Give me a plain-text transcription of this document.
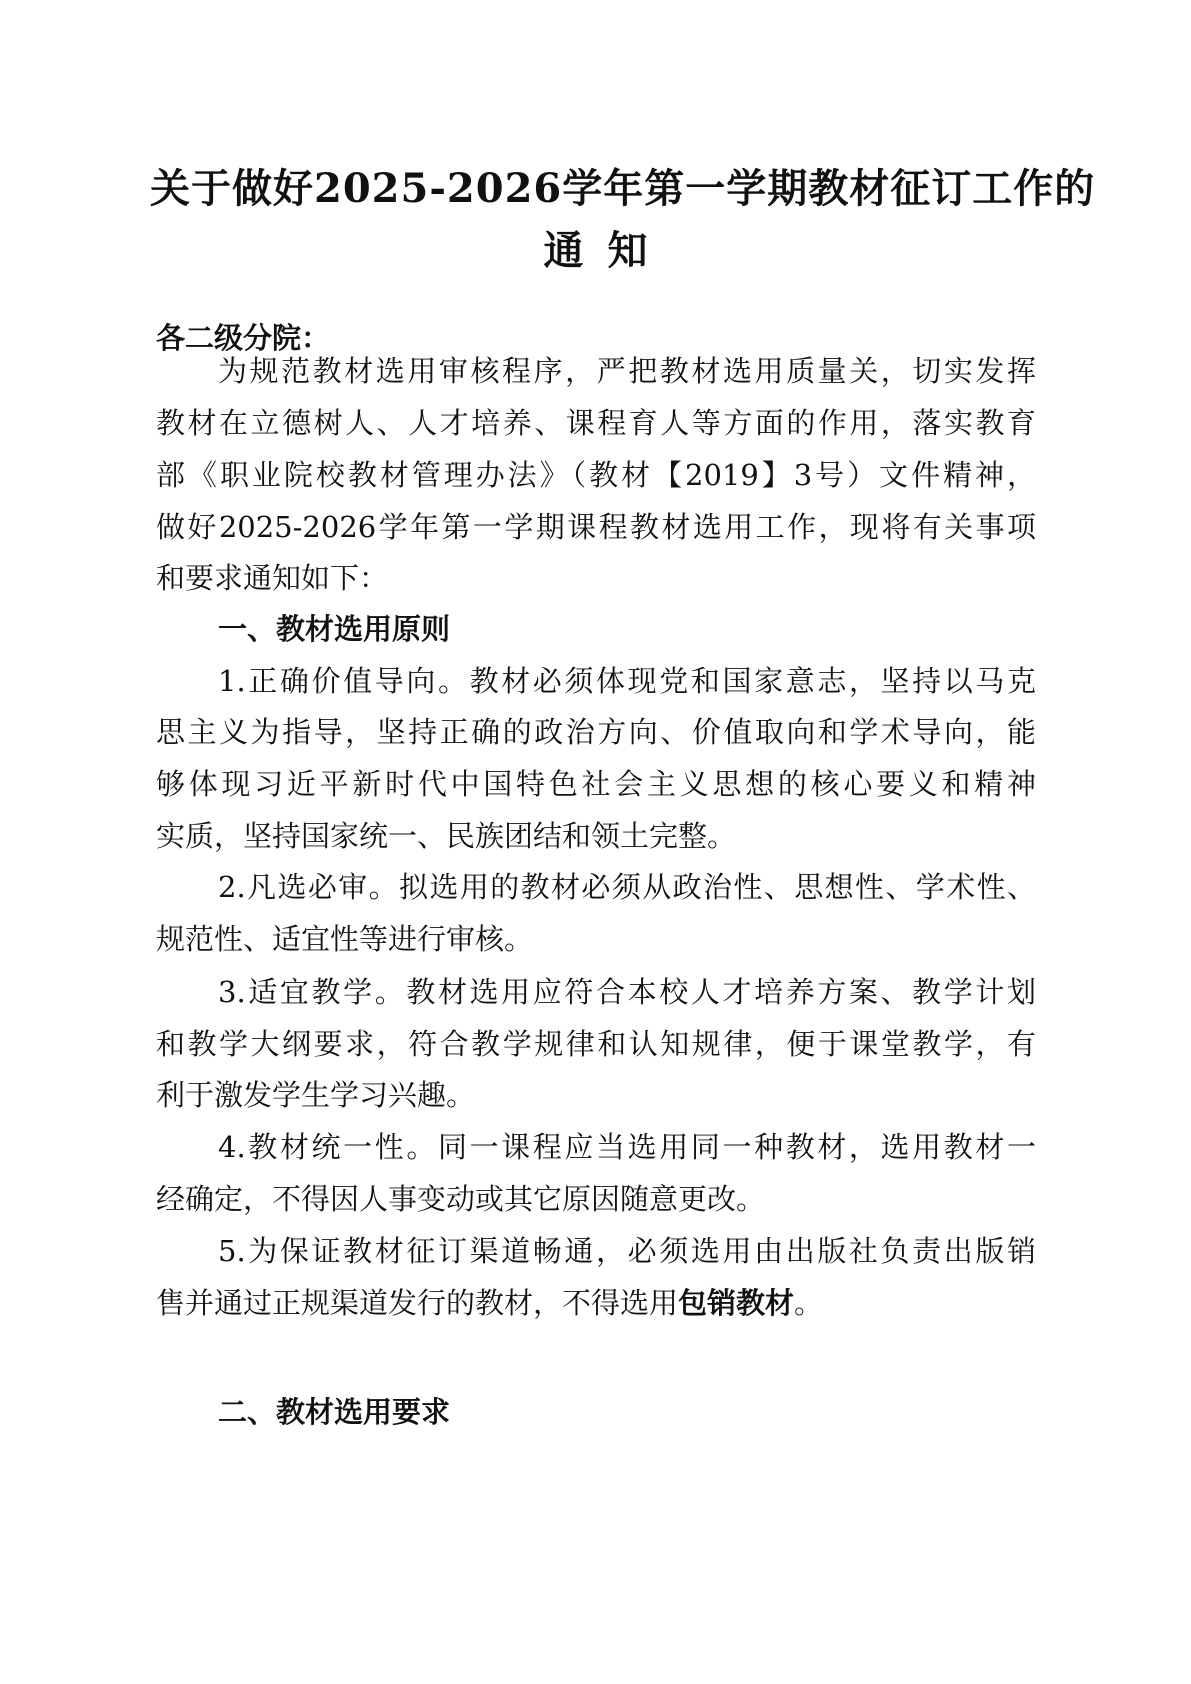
关于做好2025-2026学年第一学期教材征订工作的
通知
各二级分院：
为规范教材选用审核程序，严把教材选用质量关，切实发挥
教材在立德树人、人才培养、课程育人等方面的作用，落实教育
部《职业院校教材管理办法》（教材【2019】3号）文件精神，
做好2025-2026学年第一学期课程教材选用工作，现将有关事项
和要求通知如下：
一、教材选用原则
1.正确价值导向。教材必须体现党和国家意志，坚持以马克
思主义为指导，坚持正确的政治方向、价值取向和学术导向，能
够体现习近平新时代中国特色社会主义思想的核心要义和精神
实质，坚持国家统一、民族团结和领土完整。
2.凡选必审。拟选用的教材必须从政治性、思想性、学术性、
规范性、适宜性等进行审核。
3.适宜教学。教材选用应符合本校人才培养方案、教学计划
和教学大纲要求，符合教学规律和认知规律，便于课堂教学，有
利于激发学生学习兴趣。
4.教材统一性。同一课程应当选用同一种教材，选用教材一
经确定，不得因人事变动或其它原因随意更改。
5.为保证教材征订渠道畅通，必须选用由出版社负责出版销
售并通过正规渠道发行的教材，不得选用包销教材。
二、教材选用要求
